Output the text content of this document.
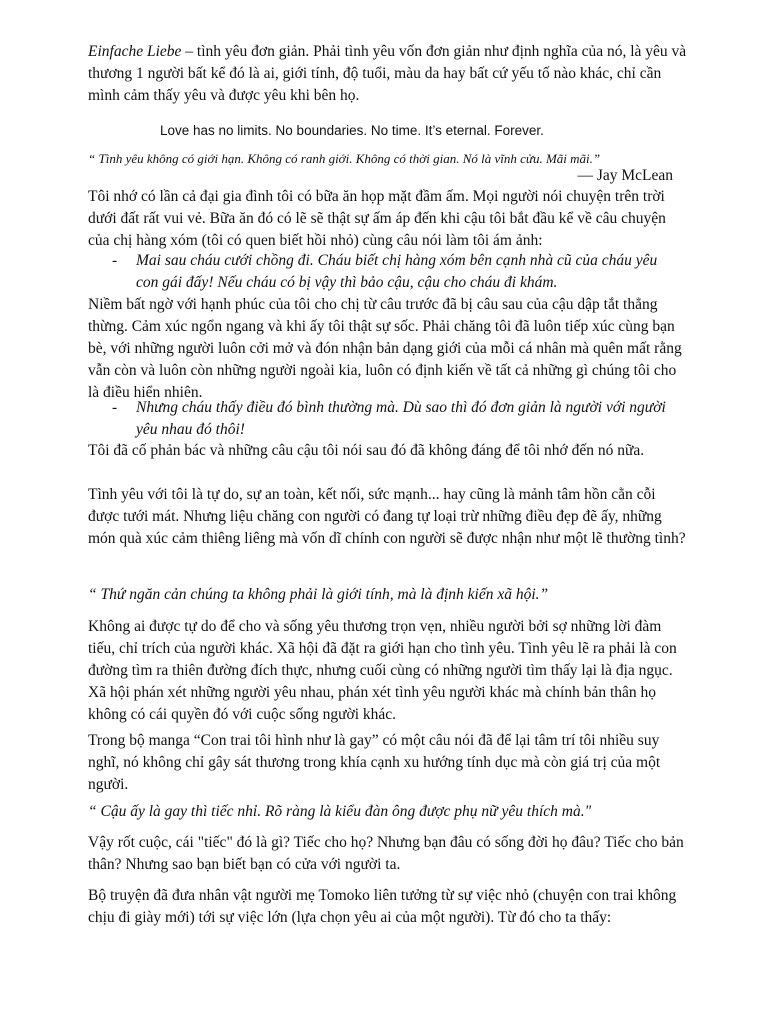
Einfache Liebe – tình yêu đơn giản. Phải tình yêu vốn đơn giản như định nghĩa của nó, là yêu và thương 1 người bất kể đó là ai, giới tính, độ tuổi, màu da hay bất cứ yếu tố nào khác, chỉ cần mình cảm thấy yêu và được yêu khi bên họ.

Love has no limits. No boundaries. No time. It’s eternal. Forever.

“ Tình yêu không có giới hạn. Không có ranh giới. Không có thời gian. Nó là vĩnh cửu. Mãi mãi.”

— Jay McLean

Tôi nhớ có lần cả đại gia đình tôi có bữa ăn họp mặt đầm ấm. Mọi người nói chuyện trên trời dưới đất rất vui vẻ. Bữa ăn đó có lẽ sẽ thật sự ấm áp đến khi cậu tôi bắt đầu kể về câu chuyện của chị hàng xóm (tôi có quen biết hồi nhỏ) cùng câu nói làm tôi ám ảnh:

- Mai sau cháu cưới chồng đi. Cháu biết chị hàng xóm bên cạnh nhà cũ của cháu yêu con gái đấy! Nếu cháu có bị vậy thì bảo cậu, cậu cho cháu đi khám.

Niềm bất ngờ với hạnh phúc của tôi cho chị từ câu trước đã bị câu sau của cậu dập tắt thẳng thừng. Cảm xúc ngổn ngang và khi ấy tôi thật sự sốc. Phải chăng tôi đã luôn tiếp xúc cùng bạn bè, với những người luôn cởi mở và đón nhận bản dạng giới của mỗi cá nhân mà quên mất rằng vẫn còn và luôn còn những người ngoài kia, luôn có định kiến về tất cả những gì chúng tôi cho là điều hiển nhiên.

- Nhưng cháu thấy điều đó bình thường mà. Dù sao thì đó đơn giản là người với người yêu nhau đó thôi!

Tôi đã cố phản bác và những câu cậu tôi nói sau đó đã không đáng để tôi nhớ đến nó nữa.

Tình yêu với tôi là tự do, sự an toàn, kết nối, sức mạnh... hay cũng là mảnh tâm hồn cằn cỗi được tưới mát. Nhưng liệu chăng con người có đang tự loại trừ những điều đẹp đẽ ấy, những món quà xúc cảm thiêng liêng mà vốn dĩ chính con người sẽ được nhận như một lẽ thường tình?

“ Thứ ngăn cản chúng ta không phải là giới tính, mà là định kiến xã hội.”

Không ai được tự do để cho và sống yêu thương trọn vẹn, nhiều người bởi sợ những lời đàm tiếu, chỉ trích của người khác. Xã hội đã đặt ra giới hạn cho tình yêu. Tình yêu lẽ ra phải là con đường tìm ra thiên đường đích thực, nhưng cuối cùng có những người tìm thấy lại là địa ngục. Xã hội phán xét những người yêu nhau, phán xét tình yêu người khác mà chính bản thân họ không có cái quyền đó với cuộc sống người khác.

Trong bộ manga “Con trai tôi hình như là gay” có một câu nói đã để lại tâm trí tôi nhiều suy nghĩ, nó không chỉ gây sát thương trong khía cạnh xu hướng tính dục mà còn giá trị của một người.

“ Cậu ấy là gay thì tiếc nhỉ. Rõ ràng là kiểu đàn ông được phụ nữ yêu thích mà."

Vậy rốt cuộc, cái "tiếc" đó là gì? Tiếc cho họ? Nhưng bạn đâu có sống đời họ đâu? Tiếc cho bản thân? Nhưng sao bạn biết bạn có cửa với người ta.

Bộ truyện đã đưa nhân vật người mẹ Tomoko liên tưởng từ sự việc nhỏ (chuyện con trai không chịu đi giày mới) tới sự việc lớn (lựa chọn yêu ai của một người). Từ đó cho ta thấy:
